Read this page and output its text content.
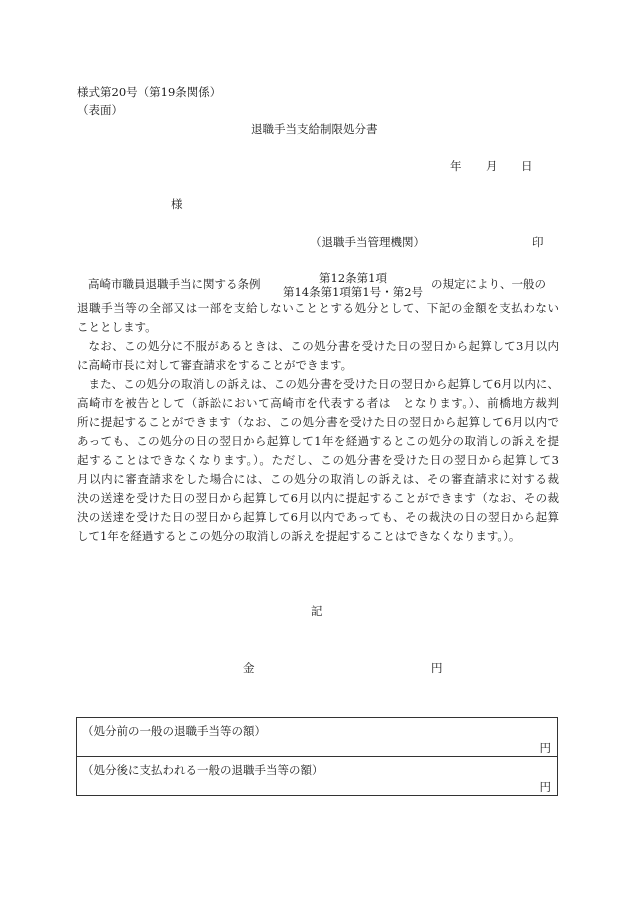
様式第20号（第19条関係）
（表面）
退職手当支給制限処分書
年 月 日
様
（退職手当管理機関）	印
高崎市職員退職手当に関する条例	第12条第1項
第14条第1項第1号・第2号
の規定により、一般の
退職手当等の全部又は一部を支給しないこととする処分として、下記の金額を支払わない
こととします。
なお、この処分に不服があるときは、この処分書を受けた日の翌日から起算して3月以内
に高崎市長に対して審査請求をすることができます。
また、この処分の取消しの訴えは、この処分書を受けた日の翌日から起算して6月以内に、
高崎市を被告として（訴訟において高崎市を代表する者は　となります。）、前橋地方裁判
所に提起することができます（なお、この処分書を受けた日の翌日から起算して6月以内で
あっても、この処分の日の翌日から起算して1年を経過するとこの処分の取消しの訴えを提
起することはできなくなります。）。ただし、この処分書を受けた日の翌日から起算して3
月以内に審査請求をした場合には、この処分の取消しの訴えは、その審査請求に対する裁
決の送達を受けた日の翌日から起算して6月以内に提起することができます（なお、その裁
決の送達を受けた日の翌日から起算して6月以内であっても、その裁決の日の翌日から起算
して1年を経過するとこの処分の取消しの訴えを提起することはできなくなります。）。
記
金	円
（処分前の一般の退職手当等の額）
円
（処分後に支払われる一般の退職手当等の額）
円
